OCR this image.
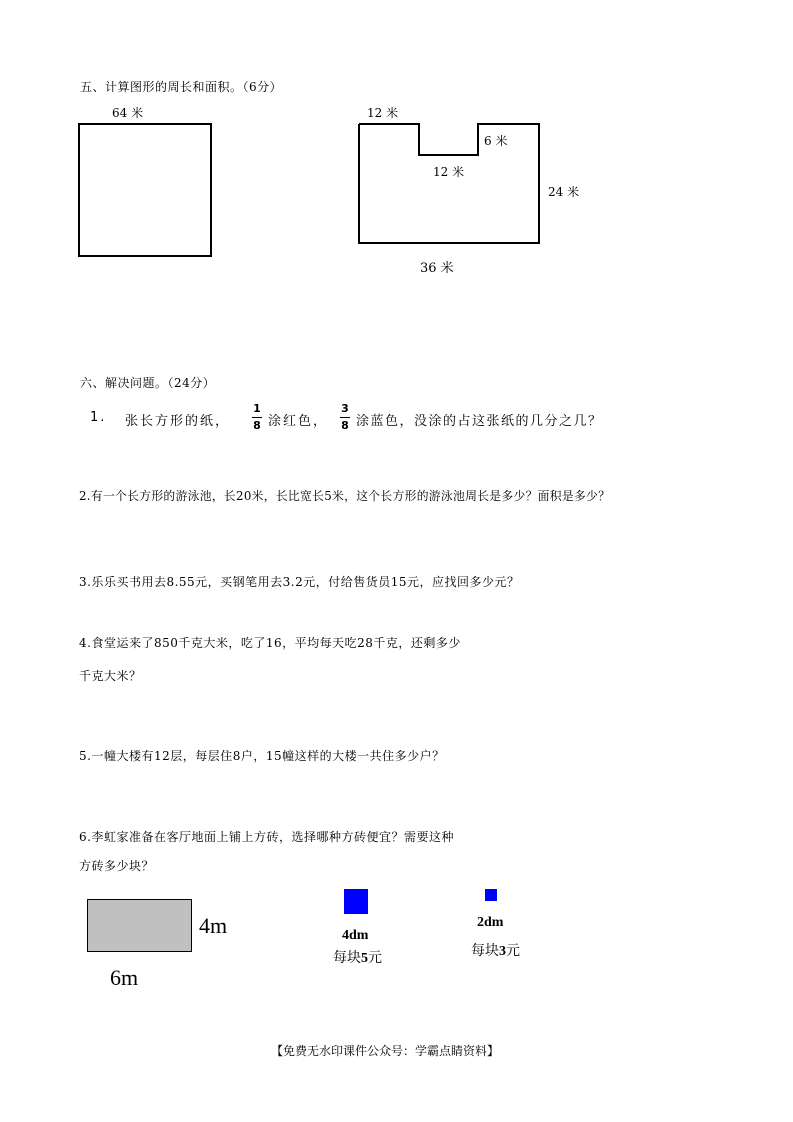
五、计算图形的周长和面积。（6分）
64 米	12 米
6 米
12 米
24 米
36 米
六、解决问题。（24分）
1. 张长方形的纸，
1
8 涂红色，
3
8 涂蓝色，没涂的占这张纸的几分之几？
2.有一个长方形的游泳池，长20米，长比宽长5米，这个长方形的游泳池周长是多少？面积是多少？
3.乐乐买书用去8.55元，买钢笔用去3.2元，付给售货员15元，应找回多少元？
4.食堂运来了850千克大米，吃了16，平均每天吃28千克，还剩多少
千克大米？
5.一幢大楼有12层，每层住8户，15幢这样的大楼一共住多少户？
6.李虹家准备在客厅地面上铺上方砖，选择哪种方砖便宜？需要这种
方砖多少块？
4m
6m
4dm
每块5元
2dm
每块3元
【免费无水印课件公众号：学霸点睛资料】
